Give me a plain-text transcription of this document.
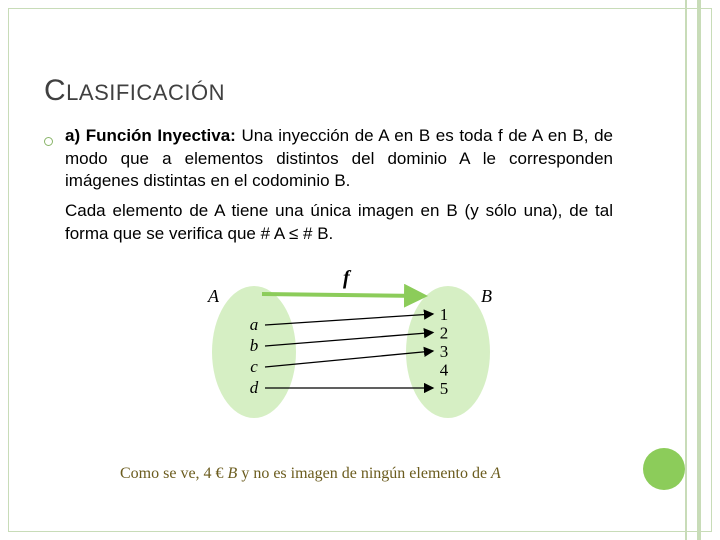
CLASIFICACIÓN
a) Función Inyectiva: Una inyección de A en B es toda f de A en B, de modo que a elementos distintos del dominio A le corresponden imágenes distintas en el codominio B.
Cada elemento de A tiene una única imagen en B (y sólo una), de tal forma que se verifica que # A ≤ # B.
A	B
f
a
b
c
d
1
2
3
4
5
Como se ve, 4 € B y no es imagen de ningún elemento de A
